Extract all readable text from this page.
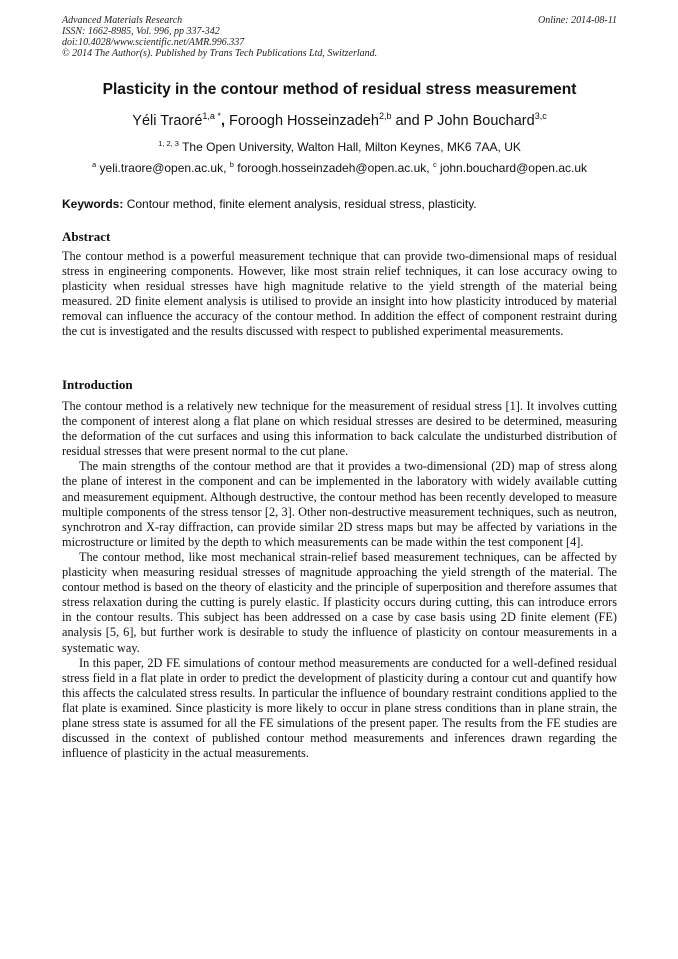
Advanced Materials Research	Online: 2014-08-11
ISSN: 1662-8985, Vol. 996, pp 337-342
doi:10.4028/www.scientific.net/AMR.996.337
© 2014 The Author(s). Published by Trans Tech Publications Ltd, Switzerland.
Plasticity in the contour method of residual stress measurement
Yéli Traoré$^{1,a *}$, Foroogh Hosseinzadeh$^{2,b}$ and P John Bouchard$^{3,c}$
$^{1, 2, 3}$ The Open University, Walton Hall, Milton Keynes, MK6 7AA, UK
$^a$ yeli.traore@open.ac.uk, $^b$ foroogh.hosseinzadeh@open.ac.uk, $^c$ john.bouchard@open.ac.uk
Keywords: Contour method, finite element analysis, residual stress, plasticity.
Abstract

The contour method is a powerful measurement technique that can provide two-dimensional maps of residual stress in engineering components. However, like most strain relief techniques, it can lose accuracy owing to plasticity when residual stresses have high magnitude relative to the yield strength of the material being measured. 2D finite element analysis is utilised to provide an insight into how plasticity introduced by material removal can influence the accuracy of the contour method. In addition the effect of component restraint during the cut is investigated and the results discussed with respect to published experimental measurements.

Introduction

The contour method is a relatively new technique for the measurement of residual stress [1]. It involves cutting the component of interest along a flat plane on which residual stresses are desired to be determined, measuring the deformation of the cut surfaces and using this information to back calculate the undisturbed distribution of residual stresses that were present normal to the cut plane.

The main strengths of the contour method are that it provides a two-dimensional (2D) map of stress along the plane of interest in the component and can be implemented in the laboratory with widely available cutting and measurement equipment. Although destructive, the contour method has been recently developed to measure multiple components of the stress tensor [2, 3]. Other non-destructive measurement techniques, such as neutron, synchrotron and X-ray diffraction, can provide similar 2D stress maps but may be affected by variations in the microstructure or limited by the depth to which measurements can be made within the test component [4].

The contour method, like most mechanical strain-relief based measurement techniques, can be affected by plasticity when measuring residual stresses of magnitude approaching the yield strength of the material. The contour method is based on the theory of elasticity and the principle of superposition and therefore assumes that stress relaxation during the cutting is purely elastic. If plasticity occurs during cutting, this can introduce errors in the contour results. This subject has been addressed on a case by case basis using 2D finite element (FE) analysis [5, 6], but further work is desirable to study the influence of plasticity on contour measurements in a systematic way.

In this paper, 2D FE simulations of contour method measurements are conducted for a well-defined residual stress field in a flat plate in order to predict the development of plasticity during a contour cut and quantify how this affects the calculated stress results. In particular the influence of boundary restraint conditions applied to the flat plate is examined. Since plasticity is more likely to occur in plane stress conditions than in plane strain, the plane stress state is assumed for all the FE simulations of the present paper. The results from the FE studies are discussed in the context of published contour method measurements and inferences drawn regarding the influence of plasticity in the actual measurements.
